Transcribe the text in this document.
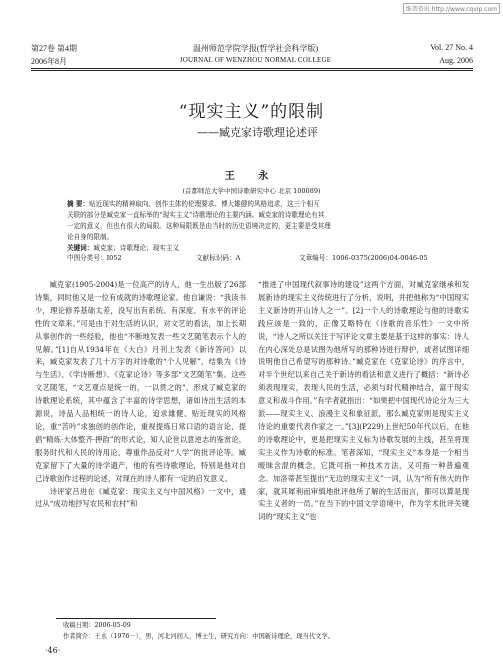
维普资讯 http://www.cqvip.com
第27卷 第4期
2006年8月
温州师范学院学报(哲学社会科学版)
JOURNAL OF WENZHOU NORMAL COLLEGE
Vol. 27 No. 4
Aug. 2006
“现实主义”的限制
——臧克家诗歌理论述评
王 永
(首都师范大学中国诗歌研究中心 北京 100089)
摘 要：贴近现实的精神取向、创作主体的伦理要求、博大雄健的风格追求，这三个相互
关联的部分是臧克家一直标举的“现实主义”诗歌理论的主要内涵。臧克家的诗歌理论有其
一定的意义，但也有很大的局限。这种局限既是由当时的历史语境决定的，更主要是受其理
论自身的限制。
关键词：臧克家；诗歌理论；现实主义
中图分类号：I052	文献标识码：A	文章编号：1006-0375(2006)04-0046-05

臧克家(1905-2004)是一位高产的诗人，他一生出版了26部诗集，同时他又是一位有成就的诗歌理论家。他自谦说：“我读书少，理论修养基础太差，没写出有系统、有深度、有水平的评论性的文章来。”可是由于对生活的认识，对文艺的看法，加上长期从事创作的一些经验，他也“不断地发表一些文艺随笔表示个人的见解。”[1]自从1934年在《大白》月刊上发表《新诗答问》以来，臧克家发表了几十万字的对诗歌的“个人见解”，结集为《诗与生活》、《学诗断想》、《克家论诗》等多部“文艺随笔”集。这些文艺随笔，“文艺观点是统一的，一以贯之的”，形成了臧克家的诗歌理论系统，其中蕴含了丰富的诗学思想，诸如诗出生活的本源说，诗品人品相统一的诗人论，追求雄健、贴近现实的风格论，重“苦吟”求独创的创作论，重视提炼日常口语的语言论，提倡“精炼·大体整齐·押韵”的形式论，知人论世以意逆志的鉴赏论，服务时代和人民的诗用论，尊重作品反对“人学”的批评论等。臧克家留下了大量的诗学遗产，他的有些诗歌理论，特别是他对自己诗歌创作过程的论述，对现在的诗人都有一定的启发意义。

诗评家吕进在《臧克家：现实主义与中国风格》一文中，通过从“成功地抒写农民和农村”和

“推进了中国现代叙事诗的建设”这两个方面，对臧克家继承和发展新诗的现实主义传统进行了分析，说明，并把他称为“中国现实主义新诗的开山诗人之一”。[2]一个人的诗歌理论与他的诗歌实践应该是一致的，正像艾略特在《诗歌的音乐性》一文中所说，“诗人之所以关注于写评论文章主要是基于这样的事实：诗人在内心深处总是试图为他所写的那种诗进行辩护，或者试图详细说明他自己希望写的那种诗。”臧克家在《克家论诗》的序言中，对半个世纪以来自己关于新诗的看法和意义进行了概括：“新诗必须表现现实，表现人民的生活，必须与时代精神结合，富于现实意义和战斗作用。”有学者就指出：“如果把中国现代诗论分为三大派——现实主义、浪漫主义和象征派，那么臧克家则是现实主义诗论的重要代表作家之一。”[3](P229)上世纪50年代以后，在他的诗歌理论中，更是把现实主义标为诗歌发展的主线，甚至将现实主义作为诗歌的标准。笔者深知，“现实主义”本身是一个相当暧昧含混的概念，它既可指一种技术方法，又可指一种普遍观念。加洛蒂甚至提出“无边的现实主义”一词，认为“所有伟大的作家，就其犀利而审慎地批评他所了解的生活而言，都可以算是现实主义者的一员。”在当下的中国文学语境中，作为学术批评关键词的“现实主义”也

收稿日期：2006-05-09
作者简介：王永（1976－），男，河北河间人，博士生，研究方向：中国新诗理论，现当代文学。
·46·
